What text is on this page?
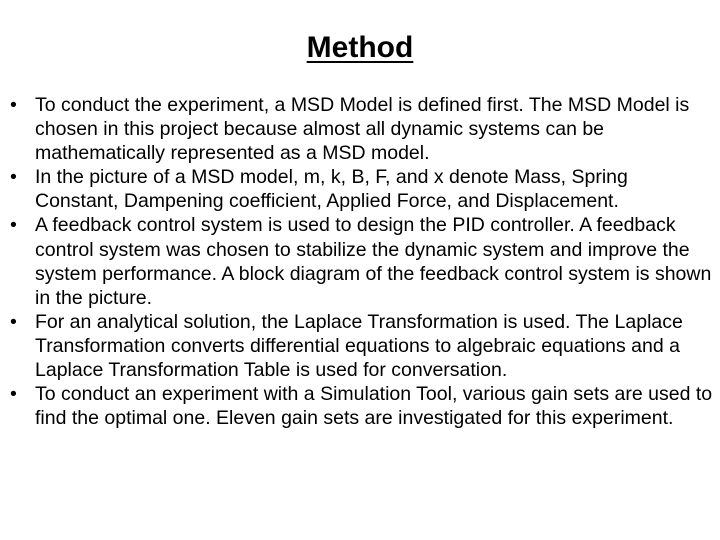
Method
• To conduct the experiment, a MSD Model is defined first. The MSD Model is chosen in this project because almost all dynamic systems can be mathematically represented as a MSD model.
• In the picture of a MSD model, m, k, B, F, and x denote Mass, Spring Constant, Dampening coefficient, Applied Force, and Displacement.
• A feedback control system is used to design the PID controller. A feedback control system was chosen to stabilize the dynamic system and improve the system performance. A block diagram of the feedback control system is shown in the picture.
• For an analytical solution, the Laplace Transformation is used. The Laplace Transformation converts differential equations to algebraic equations and a Laplace Transformation Table is used for conversation.
• To conduct an experiment with a Simulation Tool, various gain sets are used to find the optimal one. Eleven gain sets are investigated for this experiment.
